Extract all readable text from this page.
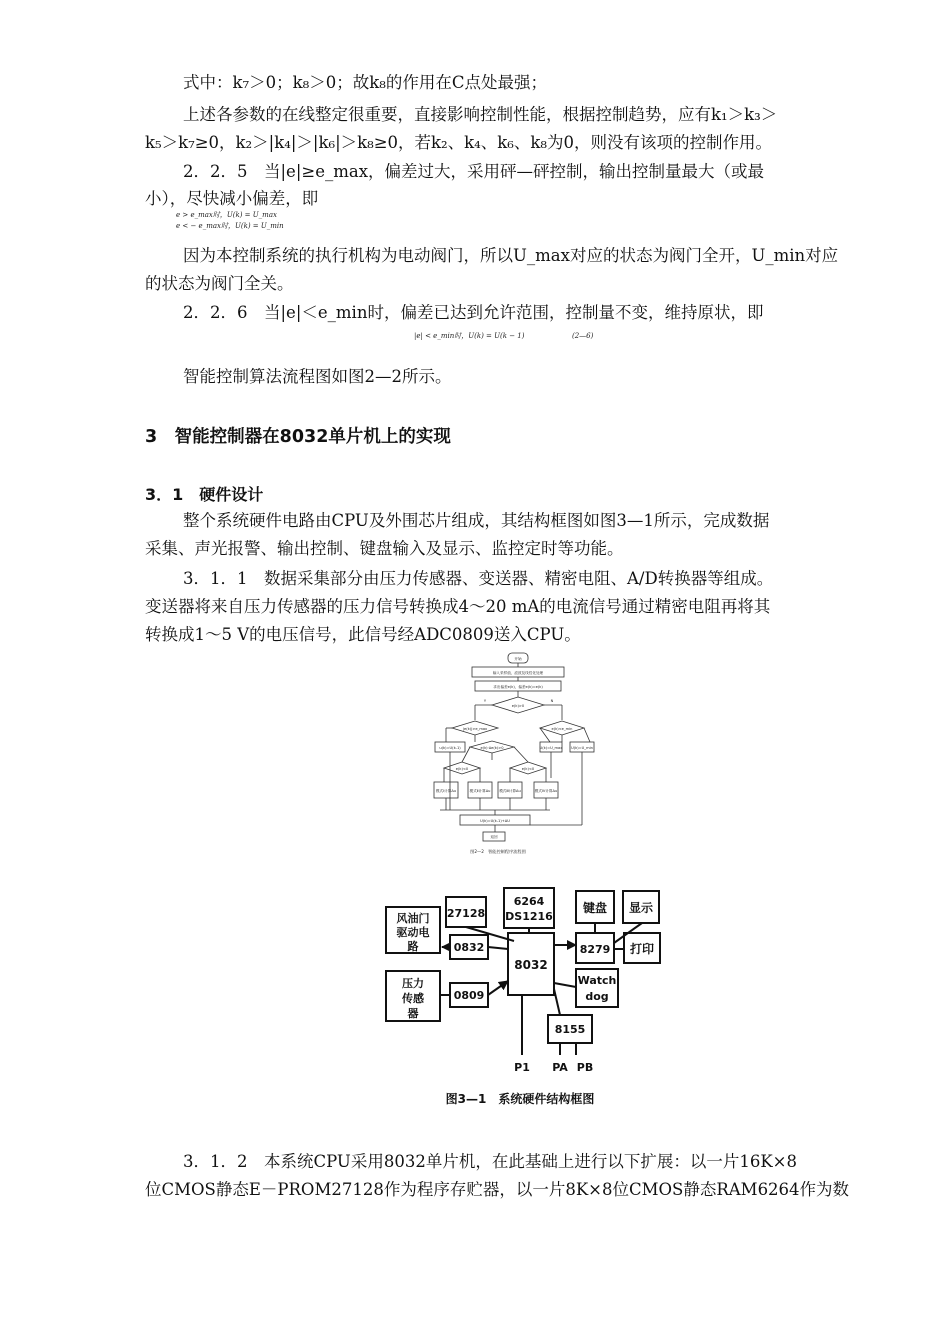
式中：k₇＞0；k₈＞0；故k₈的作用在C点处最强；
上述各参数的在线整定很重要，直接影响控制性能，根据控制趋势，应有k₁＞k₃＞
k₅＞k₇≥0，k₂＞|k₄|＞|k₆|＞k₈≥0，若k₂、k₄、k₆、k₈为0，则没有该项的控制作用。
2．2．5　当|e|≥e_max，偏差过大，采用砰—砰控制，输出控制量最大（或最
小），尽快减小偏差，即
e > e_max时，U(k) = U_max
e < − e_max时，U(k) = U_min
因为本控制系统的执行机构为电动阀门，所以U_max对应的状态为阀门全开，U_min对应
的状态为阀门全关。
2．2．6　当|e|＜e_min时，偏差已达到允许范围，控制量不变，维持原状，即
|e| < e_min时，U(k) = U(k − 1)	(2—6)
智能控制算法流程图如图2—2所示。
3　智能控制器在8032单片机上的实现
3．1　硬件设计
整个系统硬件电路由CPU及外围芯片组成，其结构框图如图3—1所示，完成数据
采集、声光报警、输出控制、键盘输入及显示、监控定时等功能。
3．1．1　数据采集部分由压力传感器、变送器、精密电阻、A/D转换器等组成。
变送器将来自压力传感器的压力信号转换成4～20 mA的电流信号通过精密电阻再将其
转换成1～5 V的电压信号，此信号经ADC0809送入CPU。
开始
输入采样值，滤波及线性化处理
求出偏差e(k)，偏差e(k)=e(k)
e(k)>0
Y	N
|e(k)|>e_max	e(k)<e_min
u(k)=U(k-1)	e(k)·Δe(k)>0	U(k)=U_max U(k)=U_min
e(k)<0	e(k)<0
模式Ⅰ计算Δu	模式Ⅱ计算Δu 模式Ⅲ计算Δu	模式Ⅳ计算Δu
U(k)=U(k-1)+ΔU
返回
图2—2　智能控制程序流程图
27128
6264
DS1216
键盘 显示
风油门
驱动电
路	0832
8032
8279 打印
压力
传感
器
0809
Watch
dog
8155
P1 PA PB
图3—1　系统硬件结构框图
3．1．2　本系统CPU采用8032单片机，在此基础上进行以下扩展：以一片16K×8
位CMOS静态E－PROM27128作为程序存贮器，以一片8K×8位CMOS静态RAM6264作为数
